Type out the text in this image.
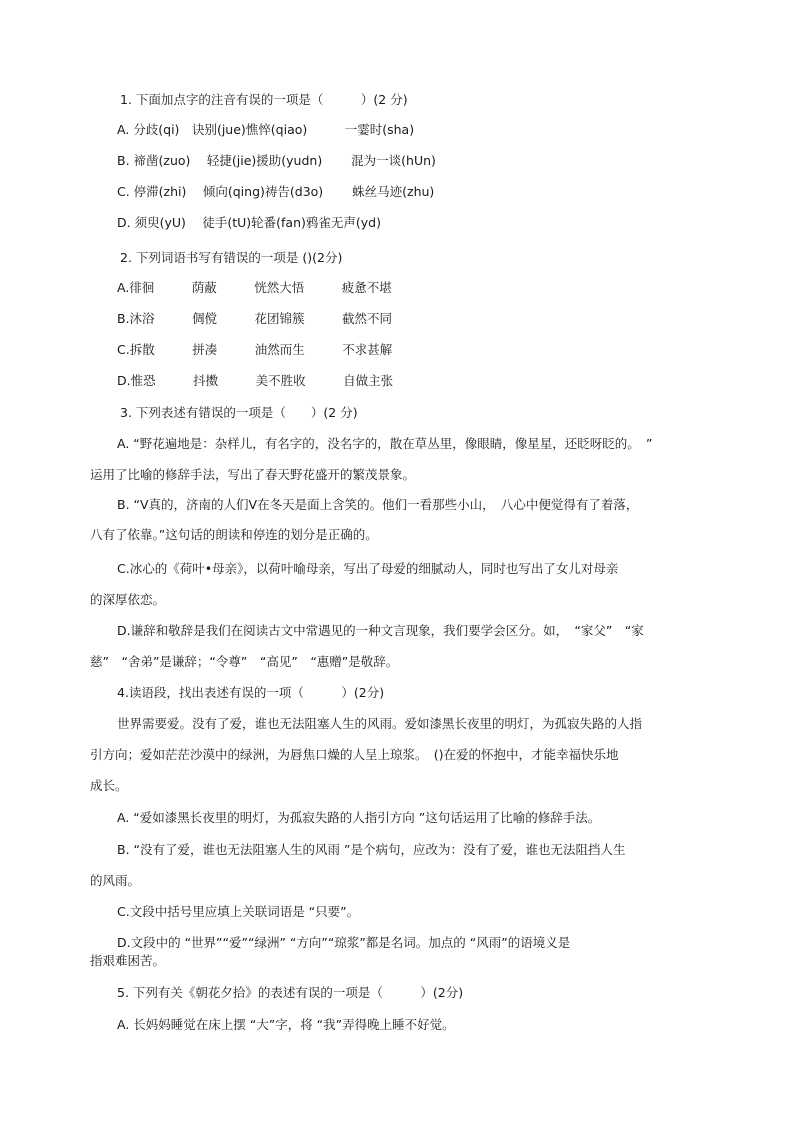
1. 下面加点字的注音有误的一项是（　　　）(2 分)
A. 分歧(qi)　诀别(jue)憔悴(qiao)　　　一霎时(sha)
B. 禘凿(zuo)　 轻捷(jie)援助(yudn)　　 混为一谈(hUn)
C. 停滞(zhi)　 倾向(qing)祷告(d3o)　　 蛛丝马迹(zhu)
D. 须臾(yU)　 徒手(tU)轮番(fan)鸦雀无声(yd)
2. 下列词语书写有错误的一项是 ()(2分)
A.徘徊　　　荫蔽　　　恍然大悟　　　疲惫不堪
B.沐浴　　　倜傥　　　花团锦簇　　　截然不同
C.拆散　　　拼凑　　　油然而生　　　不求甚解
D.惟恐　　　抖擞　　　美不胜收　　　自做主张
3. 下列表述有错误的一项是（　　）(2 分)
A. “野花遍地是：杂样儿，有名字的，没名字的，散在草丛里，像眼睛，像星星，还眨呀眨的。　”
运用了比喻的修辞手法，写出了春天野花盛开的繁茂景象。
B. “V真的，济南的人们V在冬天是面上含笑的。他们一看那些小山，　八心中便觉得有了着落，
八有了依靠。”这句话的朗读和停连的划分是正确的。
C.冰心的《荷叶•母亲》，以荷叶喻母亲，写出了母爱的细腻动人，同时也写出了女儿对母亲
的深厚依恋。
D.谦辞和敬辞是我们在阅读古文中常遇见的一种文言现象，我们要学会区分。如，　“家父”　“家
慈”　“舍弟”是谦辞；“令尊”　“高见”　“惠赠”是敬辞。
4.读语段，找出表述有误的一项（　　　）(2分)
世界需要爱。没有了爱，谁也无法阻塞人生的风雨。爱如漆黑长夜里的明灯，为孤寂失路的人指
引方向；爱如茫茫沙漠中的绿洲，为唇焦口燥的人呈上琼浆。　()在爱的怀抱中，才能幸福快乐地
成长。
A. “爱如漆黑长夜里的明灯，为孤寂失路的人指引方向 ”这句话运用了比喻的修辞手法。
B. “没有了爱，谁也无法阻塞人生的风雨 ”是个病句，应改为：没有了爱，谁也无法阻挡人生
的风雨。
C.文段中括号里应填上关联词语是 “只要”。
D.文段中的 “世界”“爱”“绿洲” “方向”“琼浆”都是名词。加点的 “风雨”的语境义是
指艰难困苦。
5. 下列有关《朝花夕拾》的表述有误的一项是（　　　）(2分)
A. 长妈妈睡觉在床上摆 “大”字，将 “我”弄得晚上睡不好觉。
